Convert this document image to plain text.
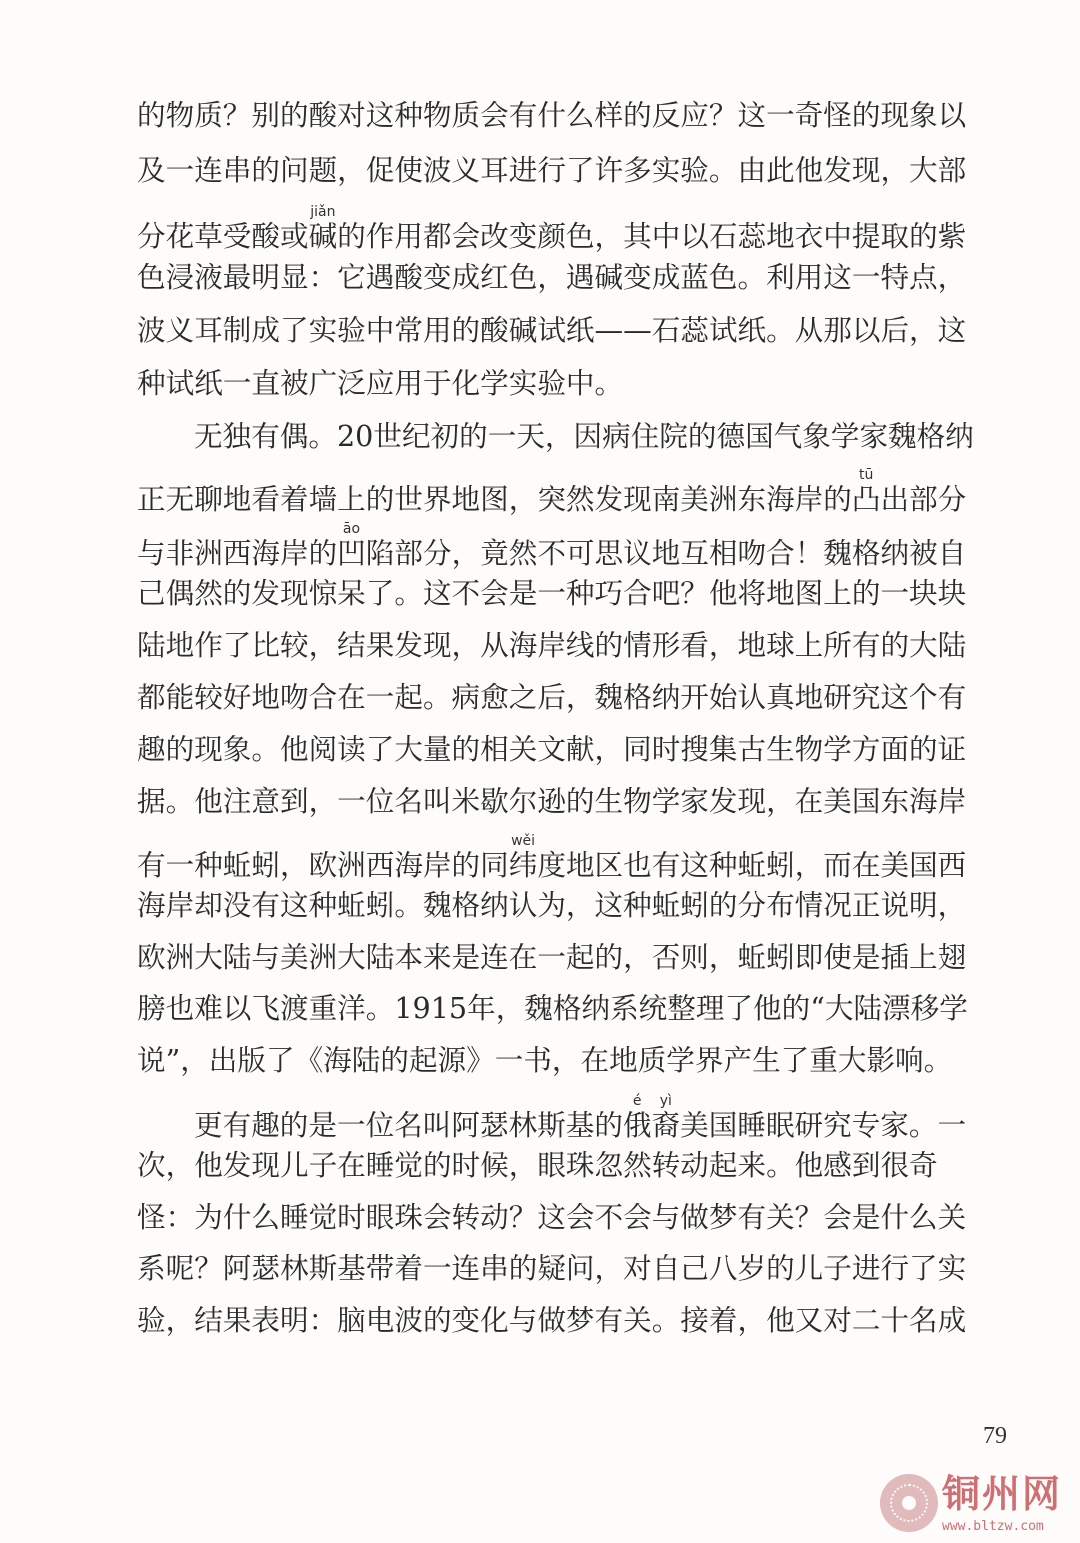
的物质？别的酸对这种物质会有什么样的反应？这一奇怪的现象以
及一连串的问题，促使波义耳进行了许多实验。由此他发现，大部
分花草受酸或碱jiǎn的作用都会改变颜色，其中以石蕊地衣中提取的紫
色浸液最明显：它遇酸变成红色，遇碱变成蓝色。利用这一特点，
波义耳制成了实验中常用的酸碱试纸——石蕊试纸。从那以后，这
种试纸一直被广泛应用于化学实验中。
无独有偶。20世纪初的一天，因病住院的德国气象学家魏格纳
正无聊地看着墙上的世界地图，突然发现南美洲东海岸的凸tū出部分
与非洲西海岸的凹āo陷部分，竟然不可思议地互相吻合！魏格纳被自
己偶然的发现惊呆了。这不会是一种巧合吧？他将地图上的一块块
陆地作了比较，结果发现，从海岸线的情形看，地球上所有的大陆
都能较好地吻合在一起。病愈之后，魏格纳开始认真地研究这个有
趣的现象。他阅读了大量的相关文献，同时搜集古生物学方面的证
据。他注意到，一位名叫米歇尔逊的生物学家发现，在美国东海岸
有一种蚯蚓，欧洲西海岸的同纬wěi度地区也有这种蚯蚓，而在美国西
海岸却没有这种蚯蚓。魏格纳认为，这种蚯蚓的分布情况正说明，
欧洲大陆与美洲大陆本来是连在一起的，否则，蚯蚓即使是插上翅
膀也难以飞渡重洋。1915年，魏格纳系统整理了他的“大陆漂移学
说”，出版了《海陆的起源》一书，在地质学界产生了重大影响。
更有趣的是一位名叫阿瑟林斯基的俄é裔yì美国睡眠研究专家。一
次，他发现儿子在睡觉的时候，眼珠忽然转动起来。他感到很奇
怪：为什么睡觉时眼珠会转动？这会不会与做梦有关？会是什么关
系呢？阿瑟林斯基带着一连串的疑问，对自己八岁的儿子进行了实
验，结果表明：脑电波的变化与做梦有关。接着，他又对二十名成
79
铜州网
www.bltzw.com
